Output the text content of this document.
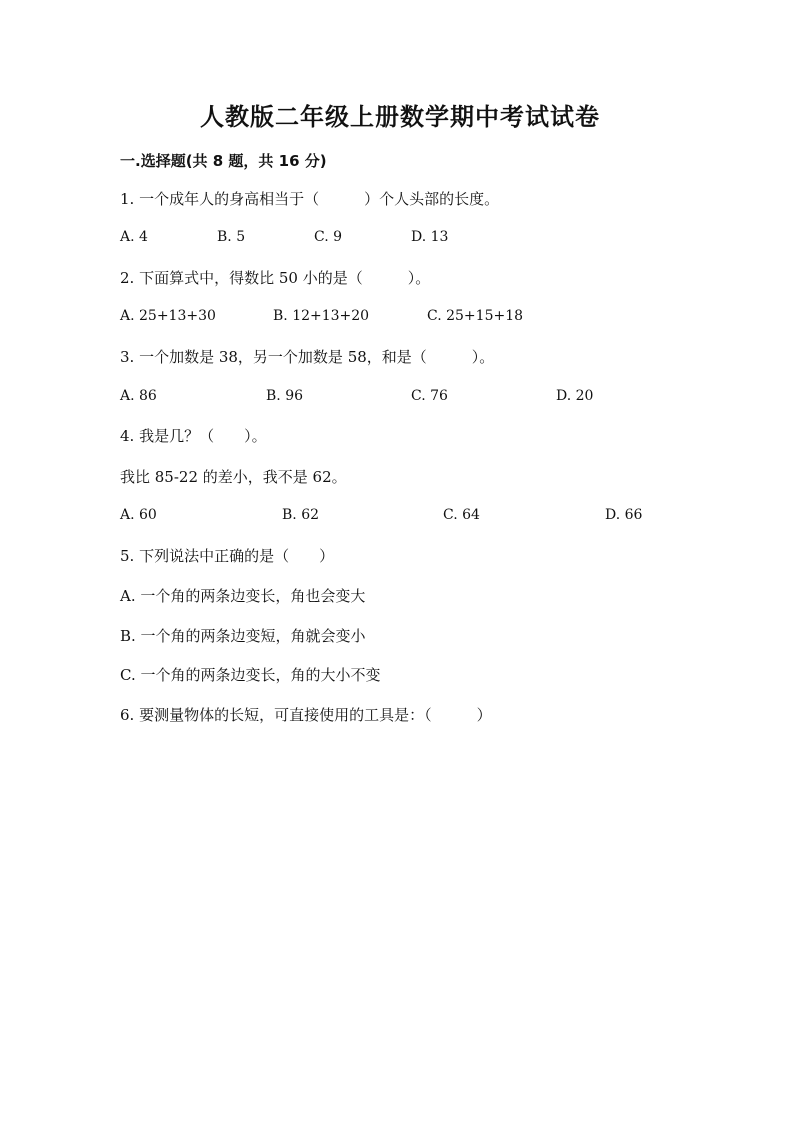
人教版二年级上册数学期中考试试卷
一.选择题(共 8 题，共 16 分)
1. 一个成年人的身高相当于（　　　）个人头部的长度。
A. 4	B. 5	C. 9	D. 13
2. 下面算式中，得数比 50 小的是（　　　）。
A. 25+13+30	B. 12+13+20	C. 25+15+18
3. 一个加数是 38，另一个加数是 58，和是（　　　）。
A. 86	B. 96	C. 76	D. 20
4. 我是几？（　　）。
我比 85-22 的差小，我不是 62。
A. 60	B. 62	C. 64	D. 66
5. 下列说法中正确的是（　　）
A. 一个角的两条边变长，角也会变大
B. 一个角的两条边变短，角就会变小
C. 一个角的两条边变长，角的大小不变
6. 要测量物体的长短，可直接使用的工具是：（　　　）
